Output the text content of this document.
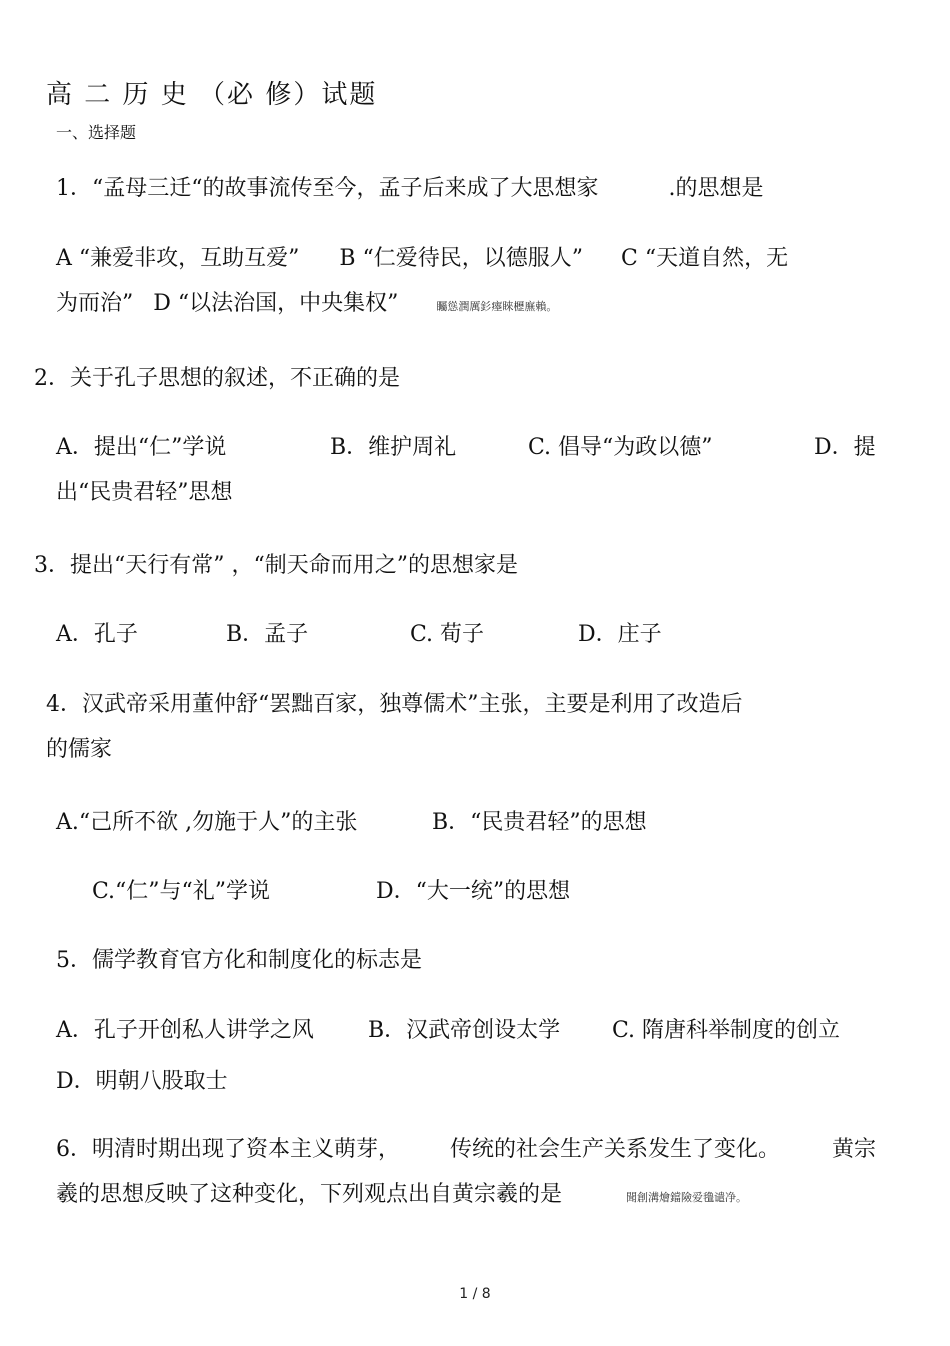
高 二 历 史 （必 修）试题
一、选择题
1．“孟母三迁“的故事流传至今，孟子后来成了大思想家	.的思想是
A “兼爱非攻，互助互爱” B “仁爱待民，以德服人” C “天道自然，无
为而治” D “以法治国，中央集权”	矚慫潤厲釤瘞睞櫪廡賴。
2．关于孔子思想的叙述，不正确的是
A．提出“仁”学说	B．维护周礼	C. 倡导“为政以德”	D．提
出“民贵君轻”思想
3．提出“天行有常” ，“制天命而用之”的思想家是
A．孔子	B．孟子	C. 荀子	D．庄子
4．汉武帝采用董仲舒“罢黜百家，独尊儒术”主张，主要是利用了改造后
的儒家
A.“己所不欲 ,勿施于人”的主张	B．“民贵君轻”的思想
C.“仁”与“礼”学说	D．“大一统”的思想
5．儒学教育官方化和制度化的标志是
A．孔子开创私人讲学之风 B．汉武帝创设太学 C. 隋唐科举制度的创立
D．明朝八股取士
6．明清时期出现了资本主义萌芽， 传统的社会生产关系发生了变化。 黄宗
羲的思想反映了这种变化，下列观点出自黄宗羲的是	聞創溝燴鐺險爱氇谴净。
1 / 8
